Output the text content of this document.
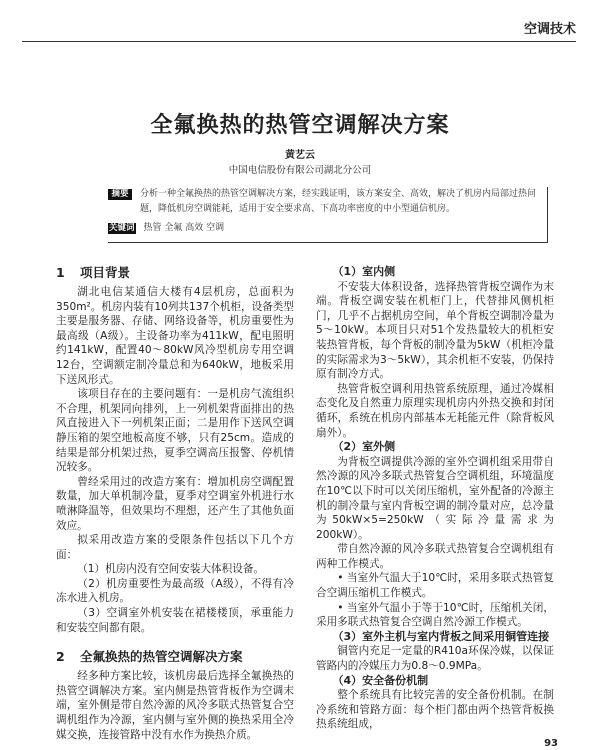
空调技术
全氟换热的热管空调解决方案
黄艺云
中国电信股份有限公司湖北分公司
摘要	分析一种全氟换热的热管空调解决方案，经实践证明，该方案安全、高效，解决了机房内局部过热问题，降低机房空调能耗，适用于安全要求高、下高功率密度的中小型通信机房。
关键词 热管 全氟 高效 空调
1 项目背景

湖北电信某通信大楼有4层机房，总面积为350m²。机房内装有10列共137个机柜，设备类型主要是服务器、存储、网络设备等，机房重要性为最高级（A级）。主设备功率为411kW，配电照明约141kW，配置40～80kW风冷型机房专用空调12台，空调额定制冷量总和为640kW，地板采用下送风形式。

该项目存在的主要问题有：一是机房气流组织不合理，机架同向排列，上一列机架背面排出的热风直接进入下一列机架正面；二是用作下送风空调静压箱的架空地板高度不够，只有25cm。造成的结果是部分机架过热，夏季空调高压报警、停机情况较多。

曾经采用过的改造方案有：增加机房空调配置数量，加大单机制冷量，夏季对空调室外机进行水喷淋降温等，但效果均不理想，还产生了其他负面效应。

拟采用改造方案的受限条件包括以下几个方面：

（1）机房内没有空间安装大体积设备。

（2）机房重要性为最高级（A级），不得有冷冻水进入机房。

（3）空调室外机安装在裙楼楼顶，承重能力和安装空间都有限。

2 全氟换热的热管空调解决方案

经多种方案比较，该机房最后选择全氟换热的热管空调解决方案。室内侧是热管背板作为空调末端，室外侧是带自然冷源的风冷多联式热管复合空调机组作为冷源，室内侧与室外侧的换热采用全冷媒交换，连接管路中没有水作为换热介质。

（1）室内侧

不安装大体积设备，选择热管背板空调作为末端。背板空调安装在机柜门上，代替排风侧机柜门，几乎不占据机房空间，单个背板空调制冷量为5～10kW。本项目只对51个发热量较大的机柜安装热管背板，每个背板的制冷量为5kW（机柜冷量的实际需求为3～5kW），其余机柜不安装，仍保持原有制冷方式。

热管背板空调利用热管系统原理，通过冷媒相态变化及自然重力原理实现机房内外热交换和封闭循环，系统在机房内部基本无耗能元件（除背板风扇外）。

（2）室外侧

为背板空调提供冷源的室外空调机组采用带自然冷源的风冷多联式热管复合空调机组，环境温度在10℃以下时可以关闭压缩机，室外配备的冷源主机的制冷量与室内背板空调的制冷量对应，总冷量为50kW×5=250kW（实际冷量需求为200kW）。

带自然冷源的风冷多联式热管复合空调机组有两种工作模式。

• 当室外气温大于10℃时，采用多联式热管复合空调压缩机工作模式。

• 当室外气温小于等于10℃时，压缩机关闭，采用多联式热管复合空调自然冷源工作模式。

（3）室外主机与室内背板之间采用铜管连接

铜管内充足一定量的R410a环保冷媒，以保证管路内的冷媒压力为0.8～0.9MPa。

（4）安全备份机制

整个系统具有比较完善的安全备份机制。在制冷系统和管路方面：每个柜门都由两个热管背板换热系统组成，

93
